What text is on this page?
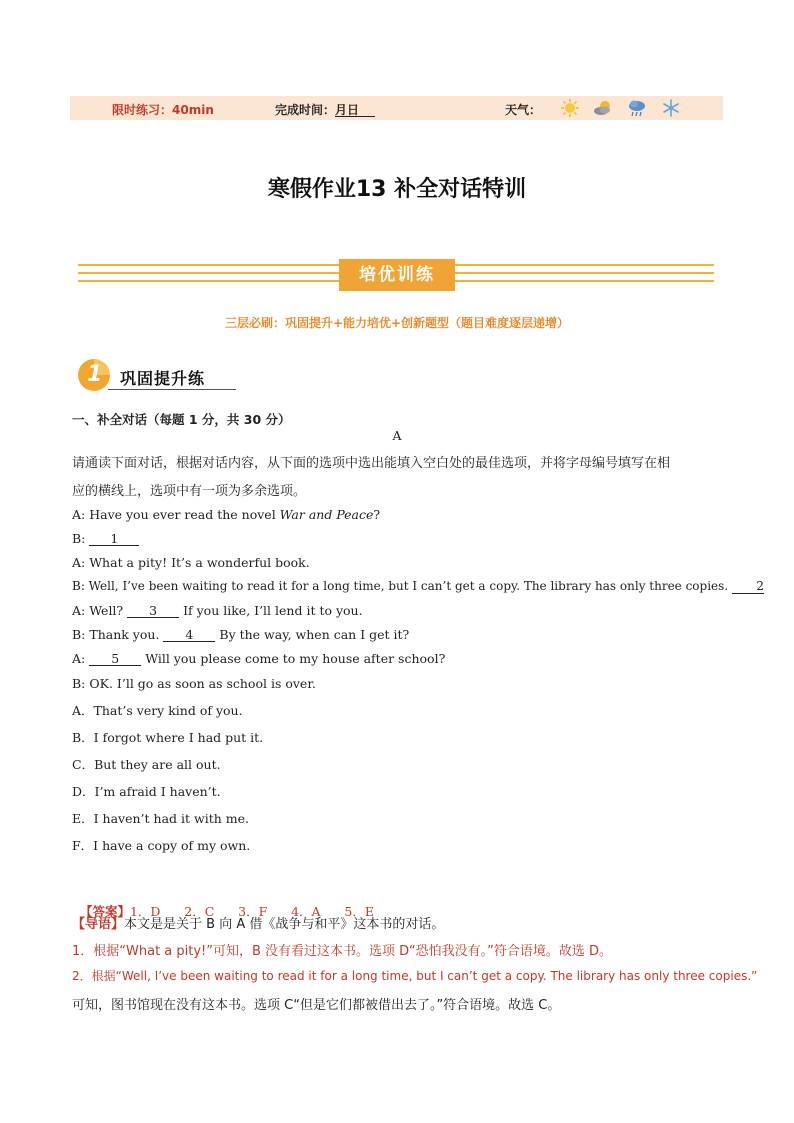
限时练习：40min	完成时间：
月
日	天气：
寒假作业13 补全对话特训
培优训练
三层必刷：巩固提升+能力培优+创新题型（题目难度逐层递增）
1 巩固提升练
一、补全对话（每题 1 分，共 30 分）
A
请通读下面对话，根据对话内容，从下面的选项中选出能填入空白处的最佳选项，并将字母编号填写在相
应的横线上，选项中有一项为多余选项。
A: Have you ever read the novel War and Peace?
B: 1
A: What a pity! It’s a wonderful book.
B: Well, I’ve been waiting to read it for a long time, but I can’t get a copy. The library has only three copies. 2
A: Well? 3 If you like, I’ll lend it to you.
B: Thank you. 4 By the way, when can I get it?
A: 5 Will you please come to my house after school?
B: OK. I’ll go as soon as school is over.
A．That’s very kind of you.
B．I forgot where I had put it.
C．But they are all out.
D．I’m afraid I haven’t.
E．I haven’t had it with me.
F．I have a copy of my own.

【答案】1．D      2．C      3．F      4．A      5．E

【导语】本文是是关于 B 向 A 借《战争与和平》这本书的对话。
1．根据“What a pity!”可知，B 没有看过这本书。选项 D“恐怕我没有。”符合语境。故选 D。
2．根据“Well, I’ve been waiting to read it for a long time, but I can’t get a copy. The library has only three copies.”
可知，图书馆现在没有这本书。选项 C“但是它们都被借出去了。”符合语境。故选 C。
